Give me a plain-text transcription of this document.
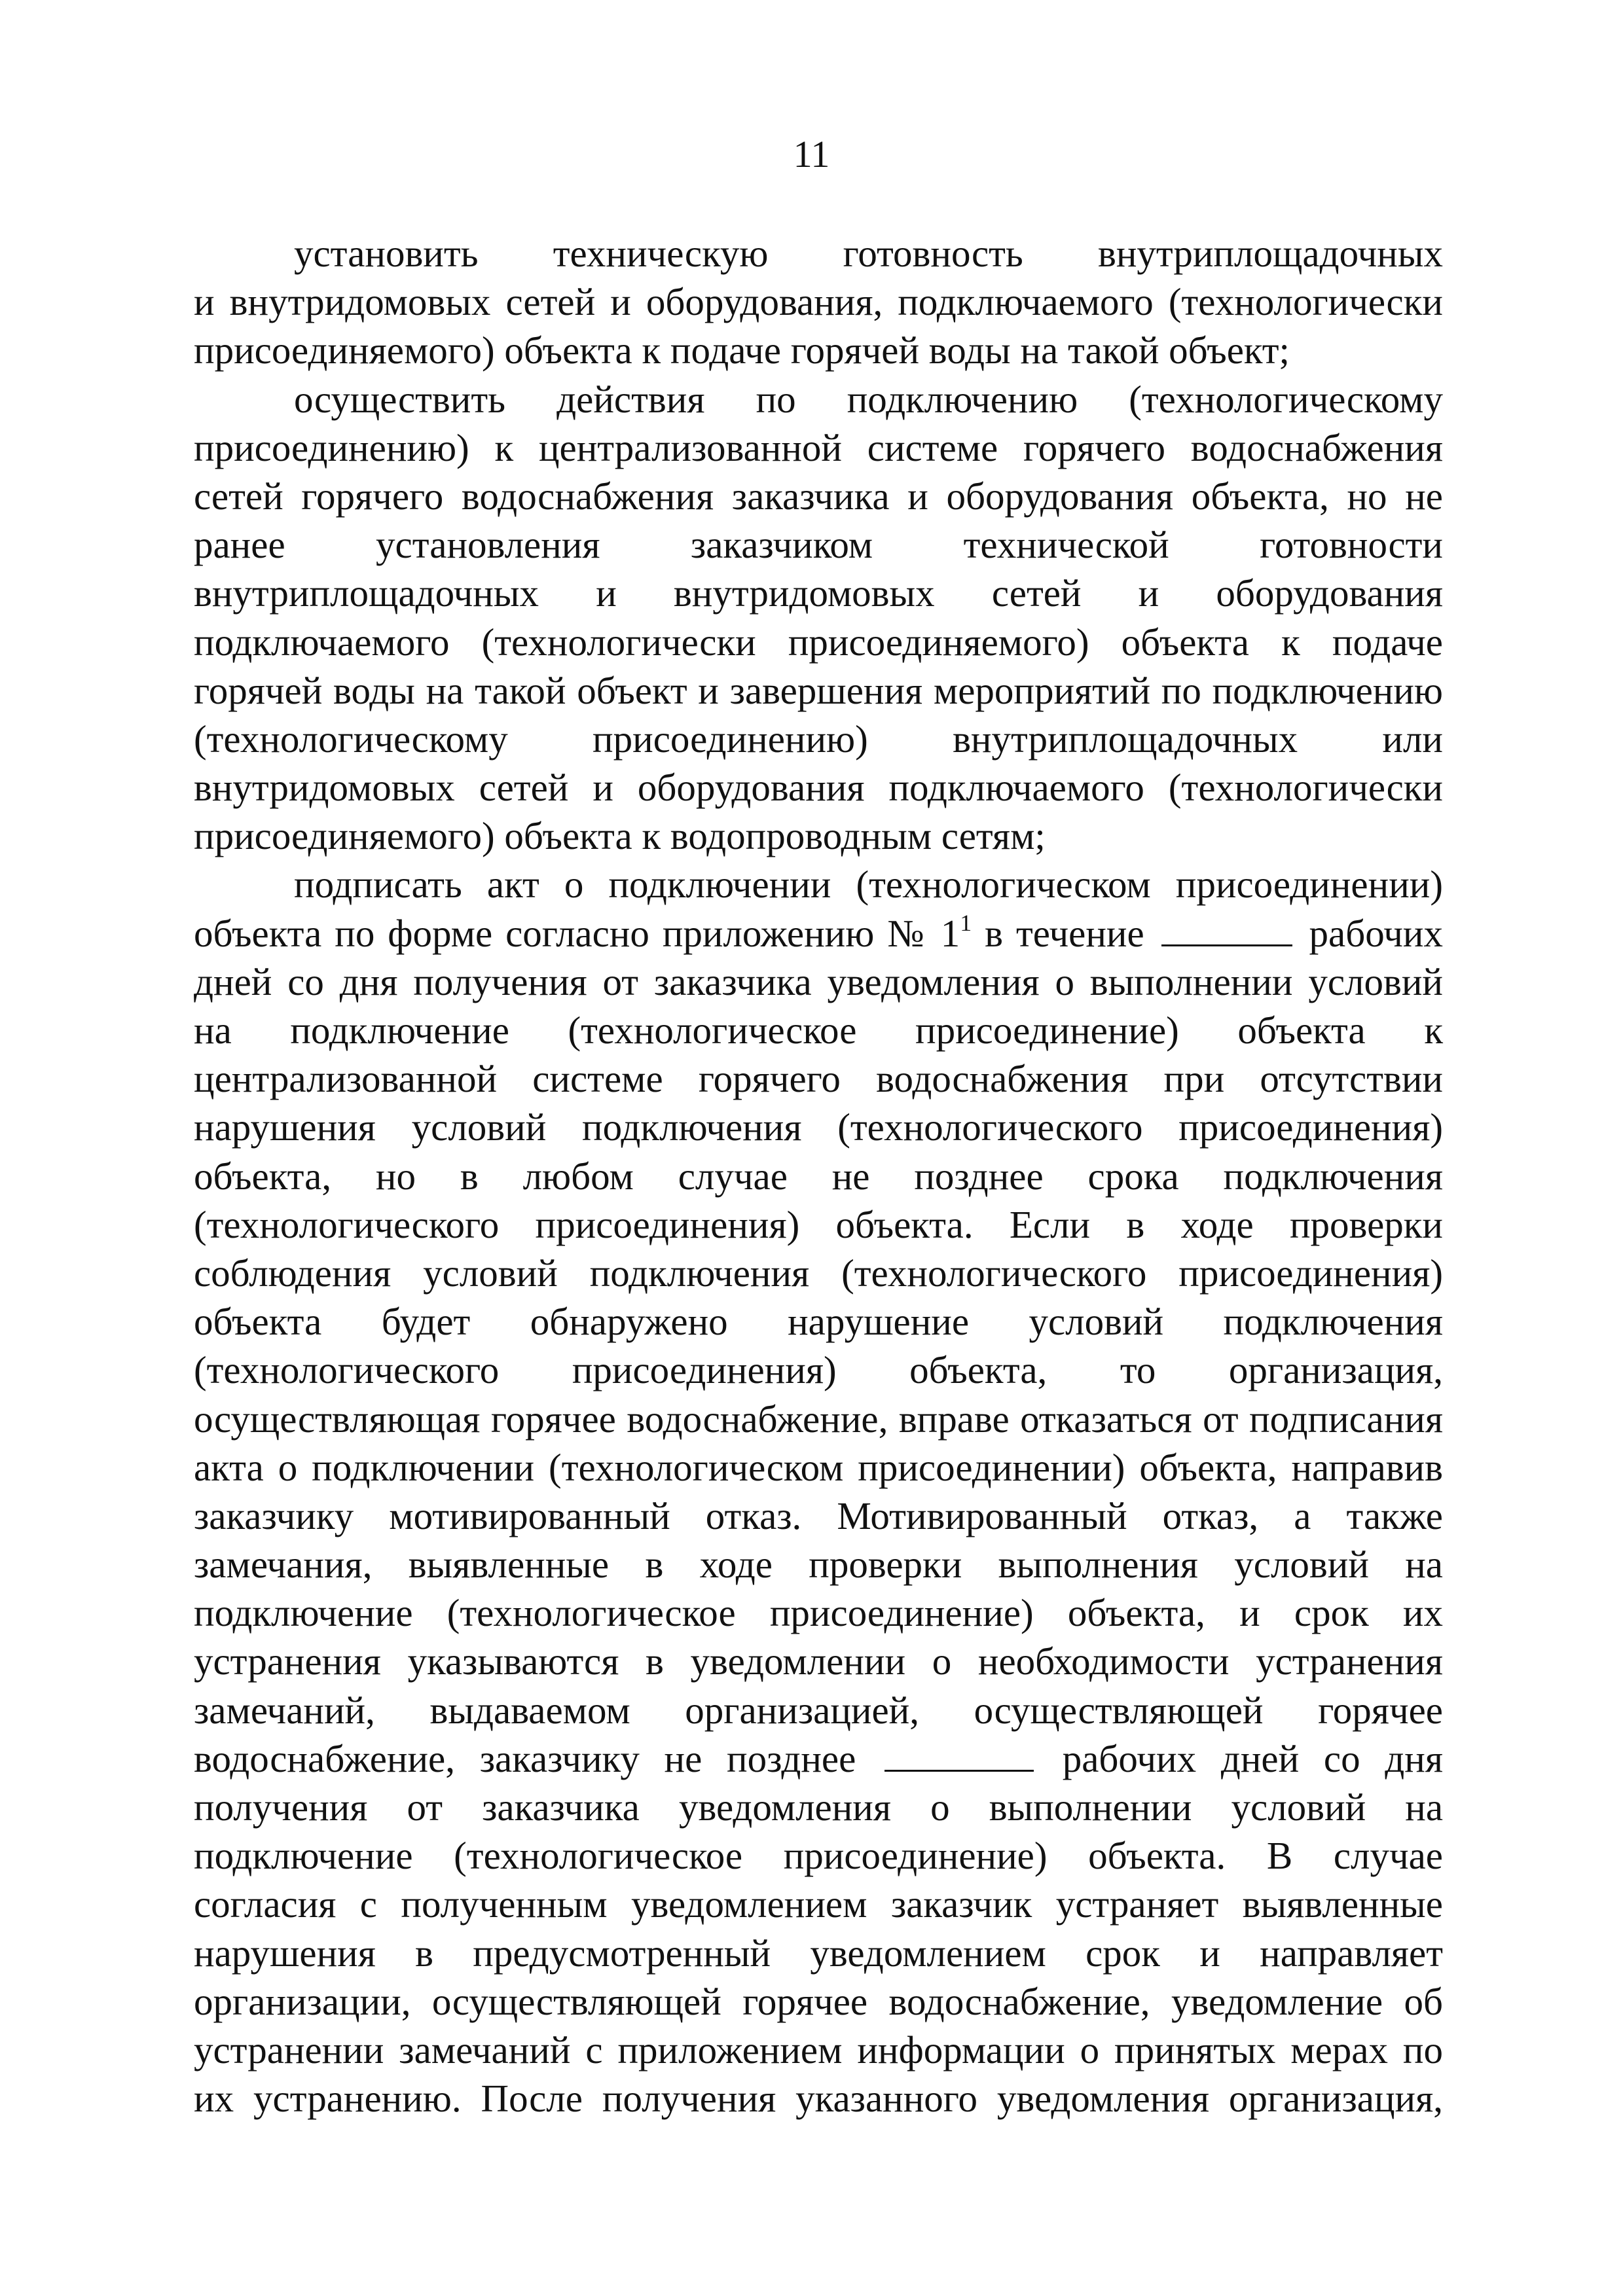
11
установить техническую готовность внутриплощадочных
и внутридомовых сетей и оборудования, подключаемого (технологически
присоединяемого) объекта к подаче горячей воды на такой объект;
осуществить действия по подключению (технологическому
присоединению) к централизованной системе горячего водоснабжения
сетей горячего водоснабжения заказчика и оборудования объекта, но не
ранее установления заказчиком технической готовности
внутриплощадочных и внутридомовых сетей и оборудования
подключаемого (технологически присоединяемого) объекта к подаче
горячей воды на такой объект и завершения мероприятий по подключению
(технологическому присоединению) внутриплощадочных или
внутридомовых сетей и оборудования подключаемого (технологически
присоединяемого) объекта к водопроводным сетям;
подписать акт о подключении (технологическом присоединении)
объекта по форме согласно приложению № $1^1$ в течение	рабочих
дней со дня получения от заказчика уведомления о выполнении условий
на подключение (технологическое присоединение) объекта к
централизованной системе горячего водоснабжения при отсутствии
нарушения условий подключения (технологического присоединения)
объекта, но в любом случае не позднее срока подключения
(технологического присоединения) объекта. Если в ходе проверки
соблюдения условий подключения (технологического присоединения)
объекта будет обнаружено нарушение условий подключения
(технологического присоединения) объекта, то организация,
осуществляющая горячее водоснабжение, вправе отказаться от подписания
акта о подключении (технологическом присоединении) объекта, направив
заказчику мотивированный отказ. Мотивированный отказ, а также
замечания, выявленные в ходе проверки выполнения условий на
подключение (технологическое присоединение) объекта, и срок их
устранения указываются в уведомлении о необходимости устранения
замечаний, выдаваемом организацией, осуществляющей горячее
водоснабжение, заказчику не позднее	рабочих дней со дня
получения от заказчика уведомления о выполнении условий на
подключение (технологическое присоединение) объекта. В случае
согласия с полученным уведомлением заказчик устраняет выявленные
нарушения в предусмотренный уведомлением срок и направляет
организации, осуществляющей горячее водоснабжение, уведомление об
устранении замечаний с приложением информации о принятых мерах по
их устранению. После получения указанного уведомления организация,
